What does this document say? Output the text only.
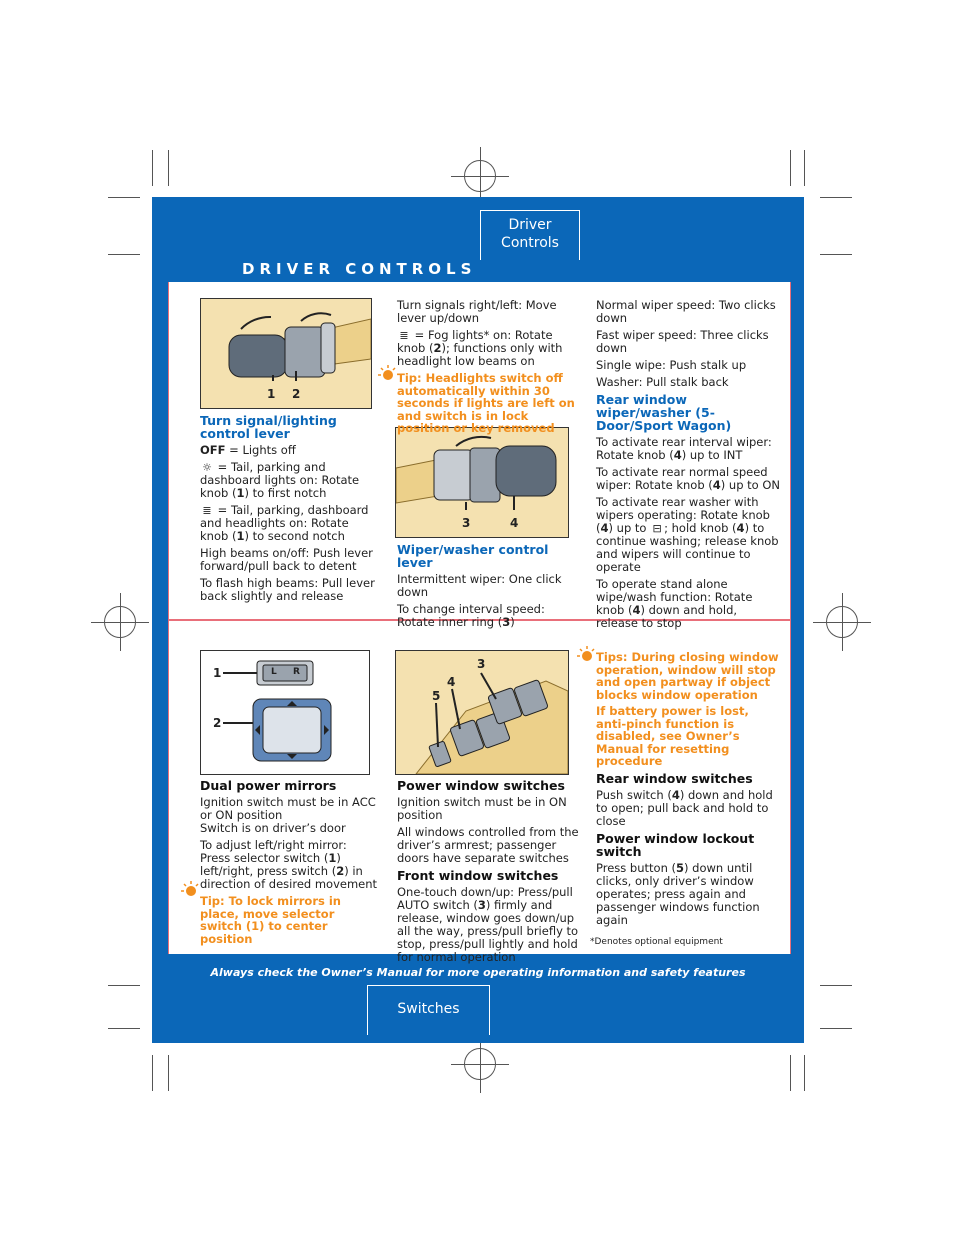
Driver
Controls
DRIVER CONTROLS
Always check the Owner’s Manual for more operating information and safety features
Switches
1 2
3	4
L R
1
2
3
4
5

Turn signal/lighting control lever

OFF = Lights off

☼ = Tail, parking and dashboard lights on: Rotate knob (1) to first notch

≣ = Tail, parking, dashboard and headlights on: Rotate knob (1) to second notch

High beams on/off: Push lever forward/pull back to detent

To flash high beams: Pull lever back slightly and release

Turn signals right/left: Move lever up/down

≣ = Fog lights* on: Rotate knob (2); functions only with headlight low beams on

Tip: Headlights switch off automatically within 30 seconds if lights are left on and switch is in lock position or key removed

Wiper/washer control lever

Intermittent wiper: One click down

To change interval speed: Rotate inner ring (3)

Normal wiper speed: Two clicks down

Fast wiper speed: Three clicks down

Single wipe: Push stalk up

Washer: Pull stalk back

Rear window wiper/washer (5-Door/Sport Wagon)

To activate rear interval wiper: Rotate knob (4) up to INT

To activate rear normal speed wiper: Rotate knob (4) up to ON

To activate rear washer with wipers operating: Rotate knob (4) up to ⊟ ; hold knob (4) to continue washing; release knob and wipers will continue to operate

To operate stand alone wipe/wash function: Rotate knob (4) down and hold, release to stop

Dual power mirrors

Ignition switch must be in ACC or ON position

Switch is on driver’s door

To adjust left/right mirror: Press selector switch (1) left/right, press switch (2) in direction of desired movement

Tip: To lock mirrors in place, move selector switch (1) to center position

Power window switches

Ignition switch must be in ON position

All windows controlled from the driver’s armrest; passenger doors have separate switches

Front window switches

One-touch down/up: Press/pull AUTO switch (3) firmly and release, window goes down/up all the way, press/pull briefly to stop, press/pull lightly and hold for normal operation

Tips: During closing window operation, window will stop and open partway if object blocks window operation

If battery power is lost, anti-pinch function is disabled, see Owner’s Manual for resetting procedure

Rear window switches

Push switch (4) down and hold to open; pull back and hold to close

Power window lockout switch

Press button (5) down until clicks, only driver’s window operates; press again and passenger windows function again

*Denotes optional equipment
